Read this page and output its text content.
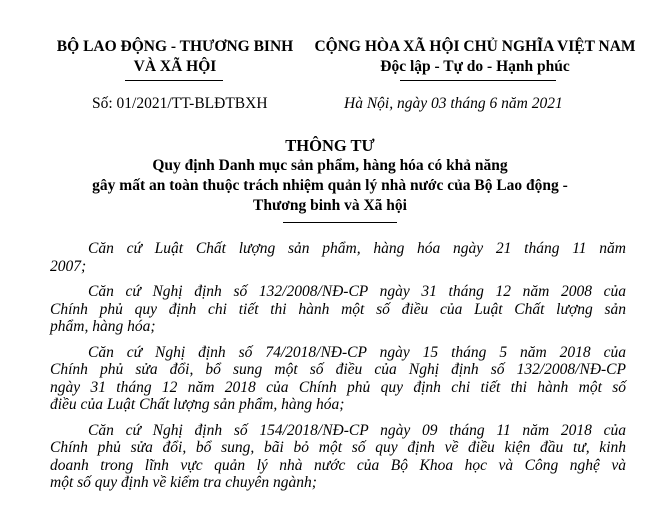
BỘ LAO ĐỘNG - THƯƠNG BINH
VÀ XÃ HỘI
CỘNG HÒA XÃ HỘI CHỦ NGHĨA VIỆT NAM
Độc lập - Tự do - Hạnh phúc
Số: 01/2021/TT-BLĐTBXH	Hà Nội, ngày 03 tháng 6 năm 2021
THÔNG TƯ
Quy định Danh mục sản phẩm, hàng hóa có khả năng
gây mất an toàn thuộc trách nhiệm quản lý nhà nước của Bộ Lao động -
Thương binh và Xã hội
Căn cứ Luật Chất lượng sản phẩm, hàng hóa ngày 21 tháng 11 năm
2007;
Căn cứ Nghị định số 132/2008/NĐ-CP ngày 31 tháng 12 năm 2008 của
Chính phủ quy định chi tiết thi hành một số điều của Luật Chất lượng sản
phẩm, hàng hóa;
Căn cứ Nghị định số 74/2018/NĐ-CP ngày 15 tháng 5 năm 2018 của
Chính phủ sửa đổi, bổ sung một số điều của Nghị định số 132/2008/NĐ-CP
ngày 31 tháng 12 năm 2018 của Chính phủ quy định chi tiết thi hành một số
điều của Luật Chất lượng sản phẩm, hàng hóa;
Căn cứ Nghị định số 154/2018/NĐ-CP ngày 09 tháng 11 năm 2018 của
Chính phủ sửa đổi, bổ sung, bãi bỏ một số quy định về điều kiện đầu tư, kinh
doanh trong lĩnh vực quản lý nhà nước của Bộ Khoa học và Công nghệ và
một số quy định về kiểm tra chuyên ngành;
